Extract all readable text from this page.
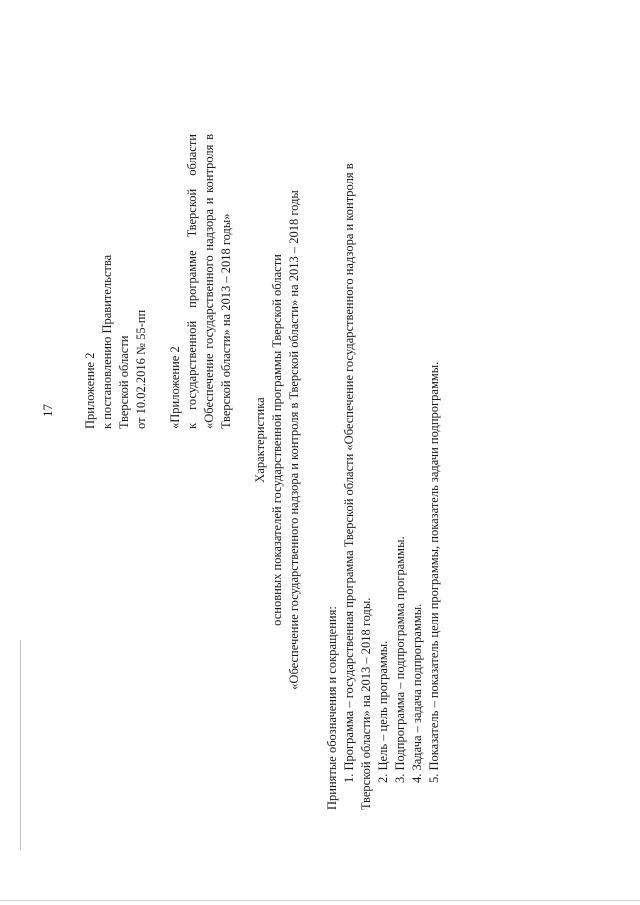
17 Приложение 2 к постановлению Правительства Тверской области от 10.02.2016 № 55-пп «Приложение 2 к государственной программе Тверской области «Обеспечение государственного надзора и контроля в Тверской области» на 2013 – 2018 годы»
Характеристика основных показателей государственной программы Тверской области «Обеспечение государственного надзора и контроля в Тверской области» на 2013 – 2018 годы
Принятые обозначения и сокращения: 1. Программа – государственная программа Тверской области «Обеспечение государственного надзора и контроля в Тверской области» на 2013 – 2018 годы. 2. Цель – цель программы. 3. Подпрограмма – подпрограмма программы. 4. Задача – задача подпрограммы. 5. Показатель – показатель цели программы, показатель задачи подпрограммы.
